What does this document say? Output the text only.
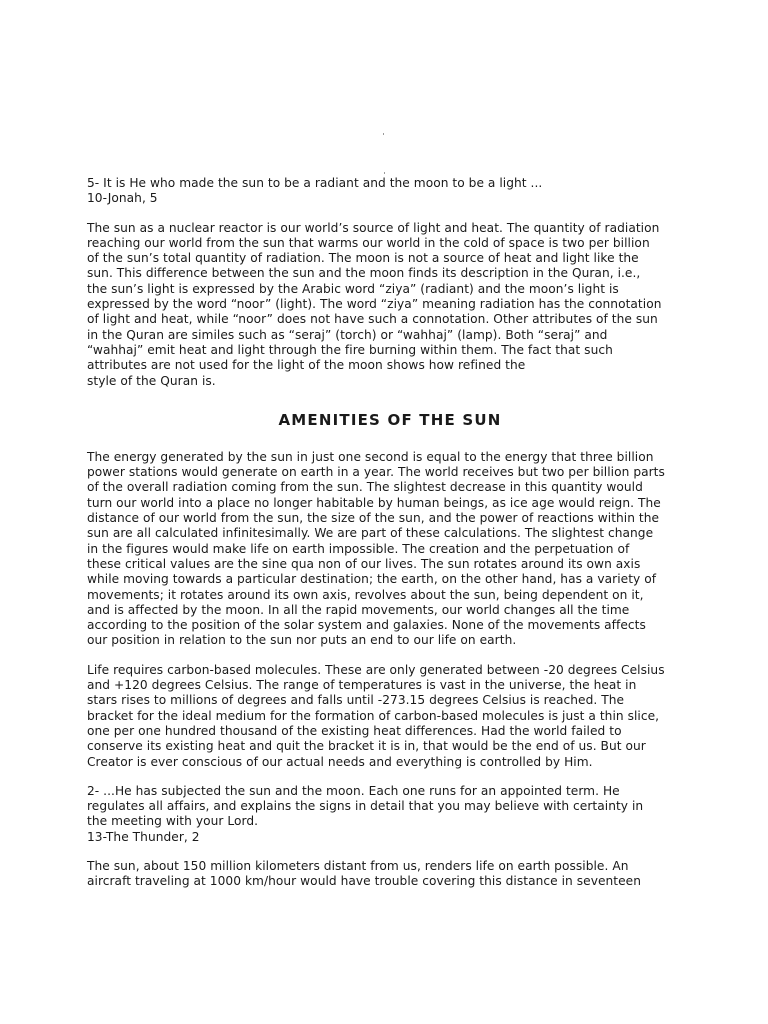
5- It is He who made the sun to be a radiant and the moon to be a light ...

10-Jonah, 5

The sun as a nuclear reactor is our world’s source of light and heat. The quantity of radiation
reaching our world from the sun that warms our world in the cold of space is two per billion
of the sun’s total quantity of radiation. The moon is not a source of heat and light like the
sun. This difference between the sun and the moon finds its description in the Quran, i.e.,
the sun’s light is expressed by the Arabic word “ziya” (radiant) and the moon’s light is
expressed by the word “noor” (light). The word “ziya” meaning radiation has the connotation
of light and heat, while “noor” does not have such a connotation. Other attributes of the sun
in the Quran are similes such as “seraj” (torch) or “wahhaj” (lamp). Both “seraj” and
“wahhaj” emit heat and light through the fire burning within them. The fact that such
attributes are not used for the light of the moon shows how refined the
style of the Quran is.

AMENITIES OF THE SUN

The energy generated by the sun in just one second is equal to the energy that three billion
power stations would generate on earth in a year. The world receives but two per billion parts
of the overall radiation coming from the sun. The slightest decrease in this quantity would
turn our world into a place no longer habitable by human beings, as ice age would reign. The
distance of our world from the sun, the size of the sun, and the power of reactions within the
sun are all calculated infinitesimally. We are part of these calculations. The slightest change
in the figures would make life on earth impossible. The creation and the perpetuation of
these critical values are the sine qua non of our lives. The sun rotates around its own axis
while moving towards a particular destination; the earth, on the other hand, has a variety of
movements; it rotates around its own axis, revolves about the sun, being dependent on it,
and is affected by the moon. In all the rapid movements, our world changes all the time
according to the position of the solar system and galaxies. None of the movements affects
our position in relation to the sun nor puts an end to our life on earth.

Life requires carbon-based molecules. These are only generated between -20 degrees Celsius
and +120 degrees Celsius. The range of temperatures is vast in the universe, the heat in
stars rises to millions of degrees and falls until -273.15 degrees Celsius is reached. The
bracket for the ideal medium for the formation of carbon-based molecules is just a thin slice,
one per one hundred thousand of the existing heat differences. Had the world failed to
conserve its existing heat and quit the bracket it is in, that would be the end of us. But our
Creator is ever conscious of our actual needs and everything is controlled by Him.

2- ...He has subjected the sun and the moon. Each one runs for an appointed term. He
regulates all affairs, and explains the signs in detail that you may believe with certainty in
the meeting with your Lord.

13-The Thunder, 2

The sun, about 150 million kilometers distant from us, renders life on earth possible. An
aircraft traveling at 1000 km/hour would have trouble covering this distance in seventeen
